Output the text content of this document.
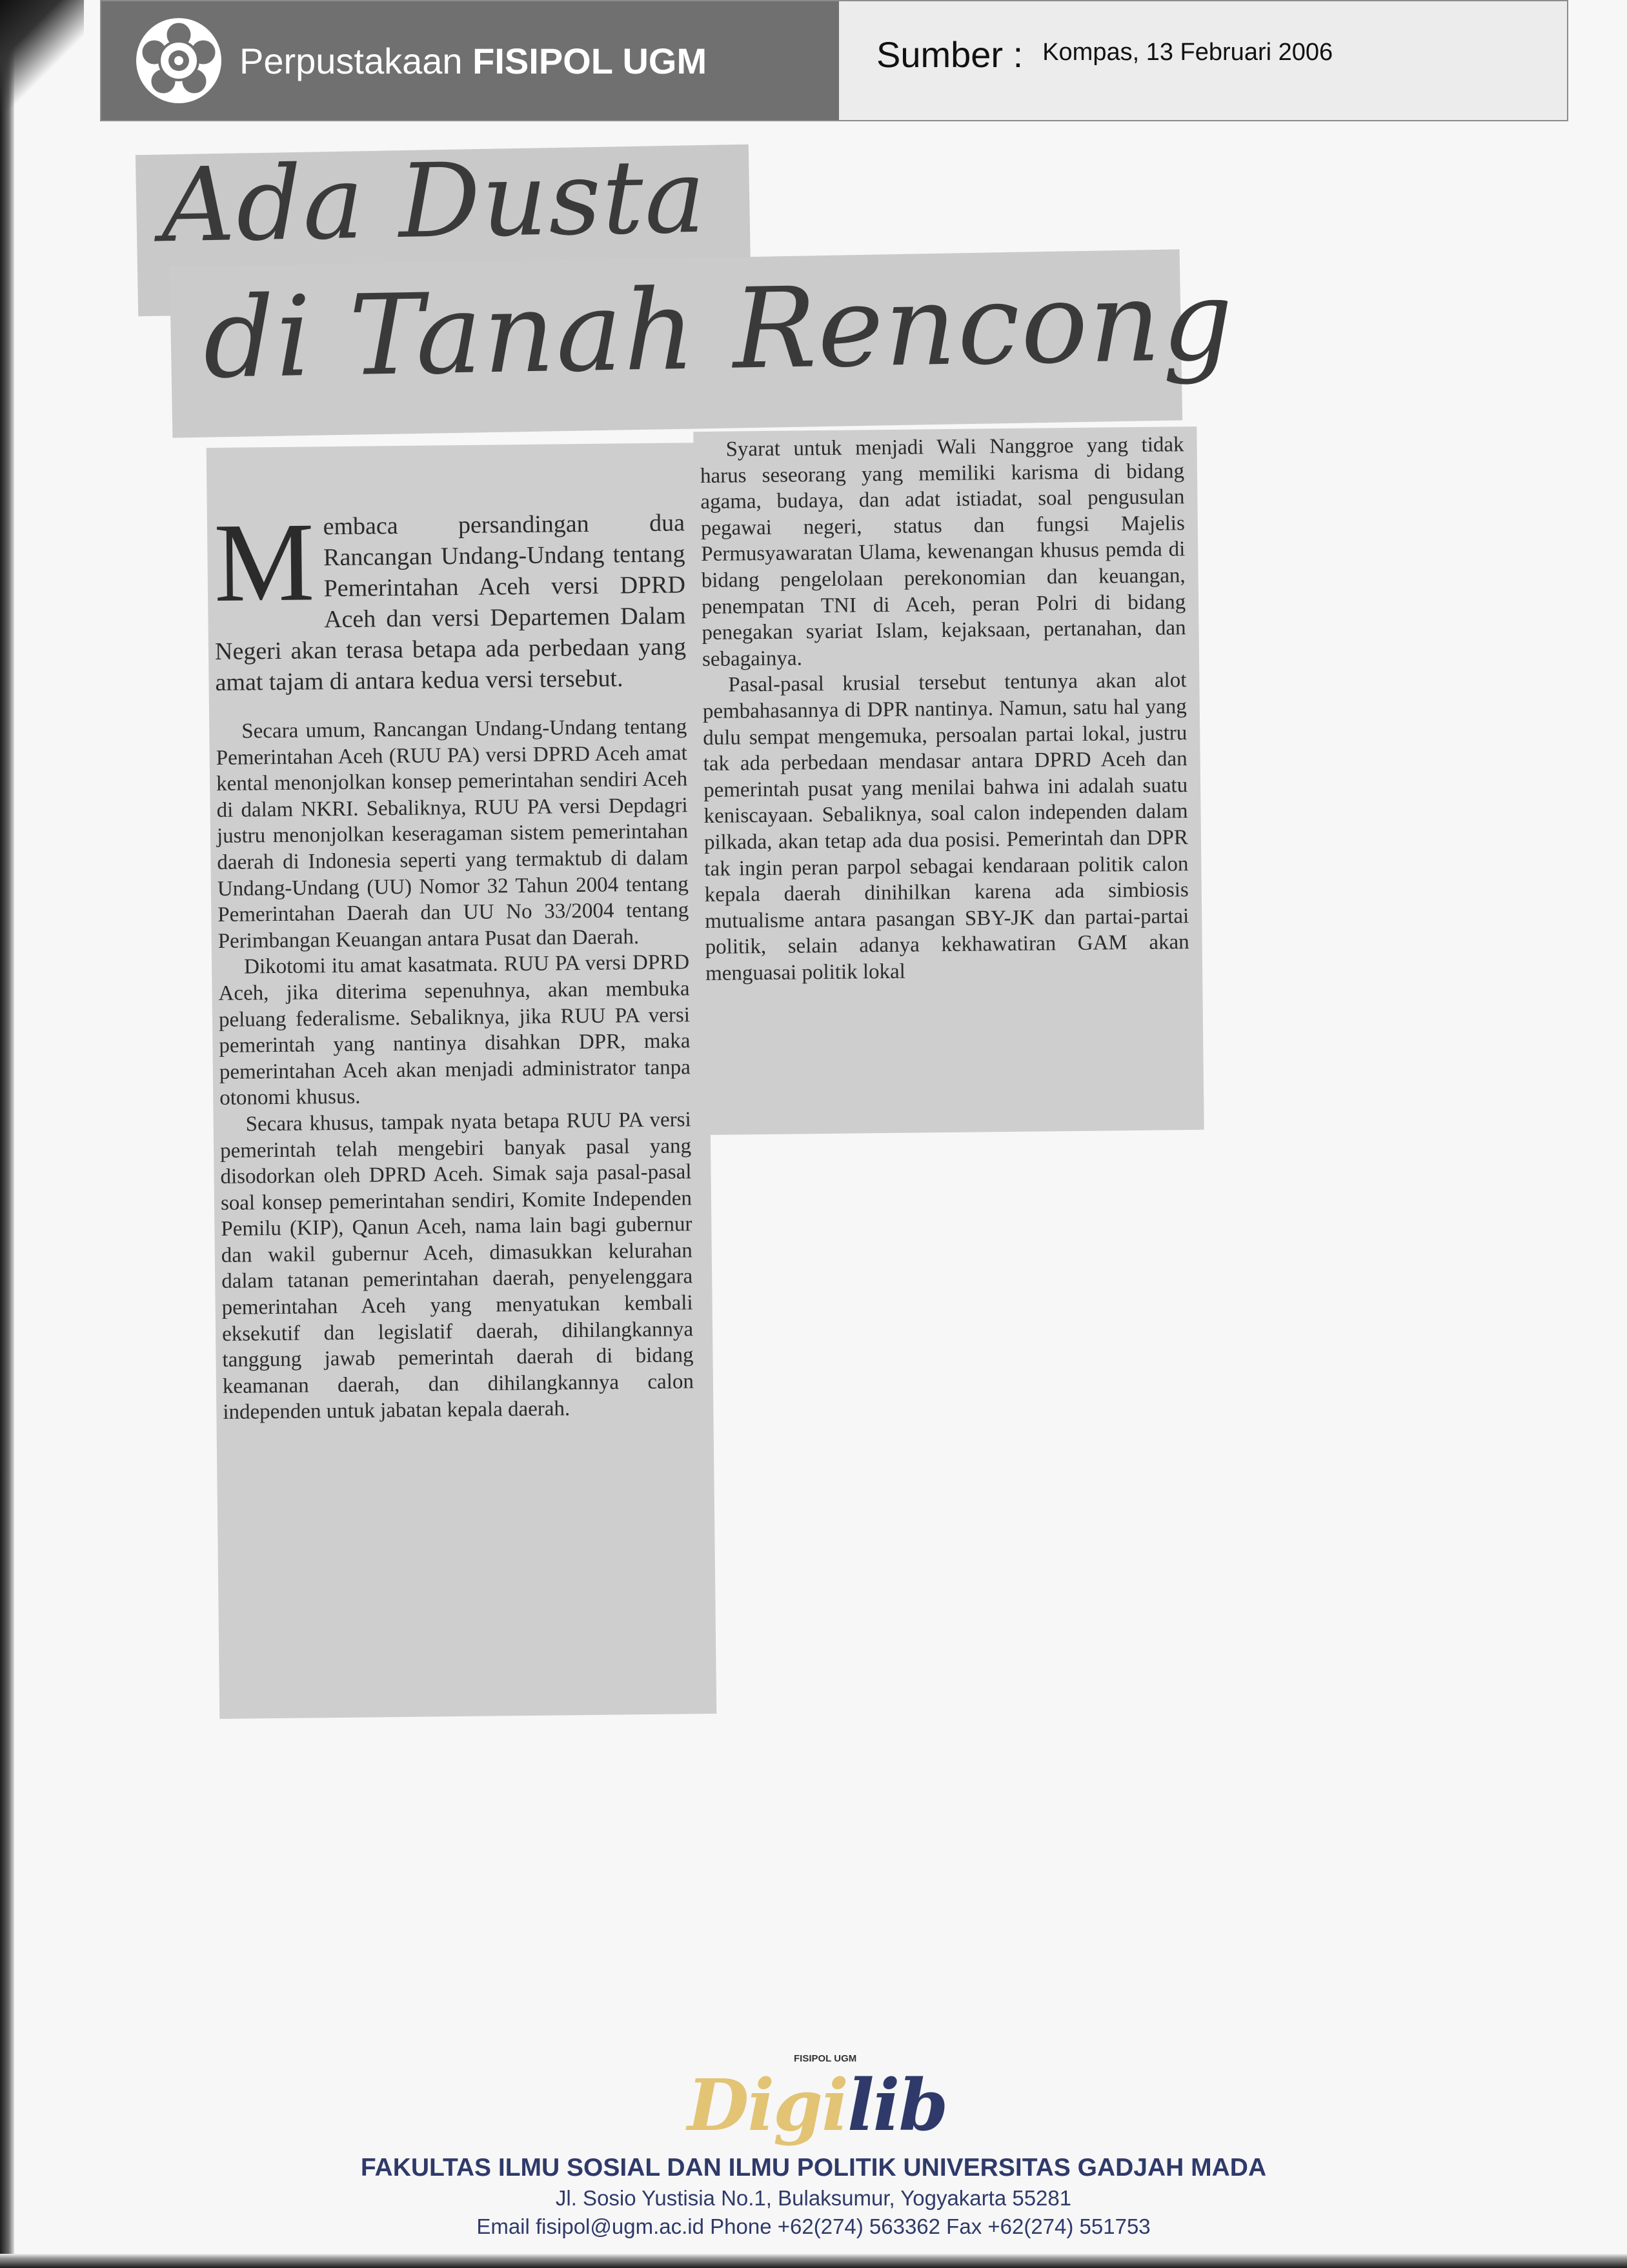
Perpustakaan FISIPOL UGM	Sumber : Kompas, 13 Februari 2006
Ada Dusta
di Tanah Rencong

Membaca persandingan dua Rancangan Undang-Undang tentang Pemerintahan Aceh versi DPRD Aceh dan versi Departemen Dalam Negeri akan terasa betapa ada perbedaan yang amat tajam di antara kedua versi tersebut.

Secara umum, Rancangan Undang-Undang tentang Pemerintahan Aceh (RUU PA) versi DPRD Aceh amat kental menonjolkan konsep pemerintahan sendiri Aceh di dalam NKRI. Sebaliknya, RUU PA versi Depdagri justru menonjolkan keseragaman sistem pemerintahan daerah di Indonesia seperti yang termaktub di dalam Undang-Undang (UU) Nomor 32 Tahun 2004 tentang Pemerintahan Daerah dan UU No 33/2004 tentang Perimbangan Keuangan antara Pusat dan Daerah.

Dikotomi itu amat kasatmata. RUU PA versi DPRD Aceh, jika diterima sepenuhnya, akan membuka peluang federalisme. Sebaliknya, jika RUU PA versi pemerintah yang nantinya disahkan DPR, maka pemerintahan Aceh akan menjadi administrator tanpa otonomi khusus.

Secara khusus, tampak nyata betapa RUU PA versi pemerintah telah mengebiri banyak pasal yang disodorkan oleh DPRD Aceh. Simak saja pasal-pasal soal konsep pemerintahan sendiri, Komite Independen Pemilu (KIP), Qanun Aceh, nama lain bagi gubernur dan wakil gubernur Aceh, dimasukkan kelurahan dalam tatanan pemerintahan daerah, penyelenggara pemerintahan Aceh yang menyatukan kembali eksekutif dan legislatif daerah, dihilangkannya tanggung jawab pemerintah daerah di bidang keamanan daerah, dan dihilangkannya calon independen untuk jabatan kepala daerah.

Syarat untuk menjadi Wali Nanggroe yang tidak harus seseorang yang memiliki karisma di bidang agama, budaya, dan adat istiadat, soal pengusulan pegawai negeri, status dan fungsi Majelis Permusyawaratan Ulama, kewenangan khusus pemda di bidang pengelolaan perekonomian dan keuangan, penempatan TNI di Aceh, peran Polri di bidang penegakan syariat Islam, kejaksaan, pertanahan, dan sebagainya.

Pasal-pasal krusial tersebut tentunya akan alot pembahasannya di DPR nantinya. Namun, satu hal yang dulu sempat mengemuka, persoalan partai lokal, justru tak ada perbedaan mendasar antara DPRD Aceh dan pemerintah pusat yang menilai bahwa ini adalah suatu keniscayaan. Sebaliknya, soal calon independen dalam pilkada, akan tetap ada dua posisi. Pemerintah dan DPR tak ingin peran parpol sebagai kendaraan politik calon kepala daerah dinihilkan karena ada simbiosis mutualisme antara pasangan SBY-JK dan partai-partai politik, selain adanya kekhawatiran GAM akan menguasai politik lokal

FISIPOL UGM
Digilib
FAKULTAS ILMU SOSIAL DAN ILMU POLITIK UNIVERSITAS GADJAH MADA
Jl. Sosio Yustisia No.1, Bulaksumur, Yogyakarta 55281
Email fisipol@ugm.ac.id Phone +62(274) 563362 Fax +62(274) 551753
